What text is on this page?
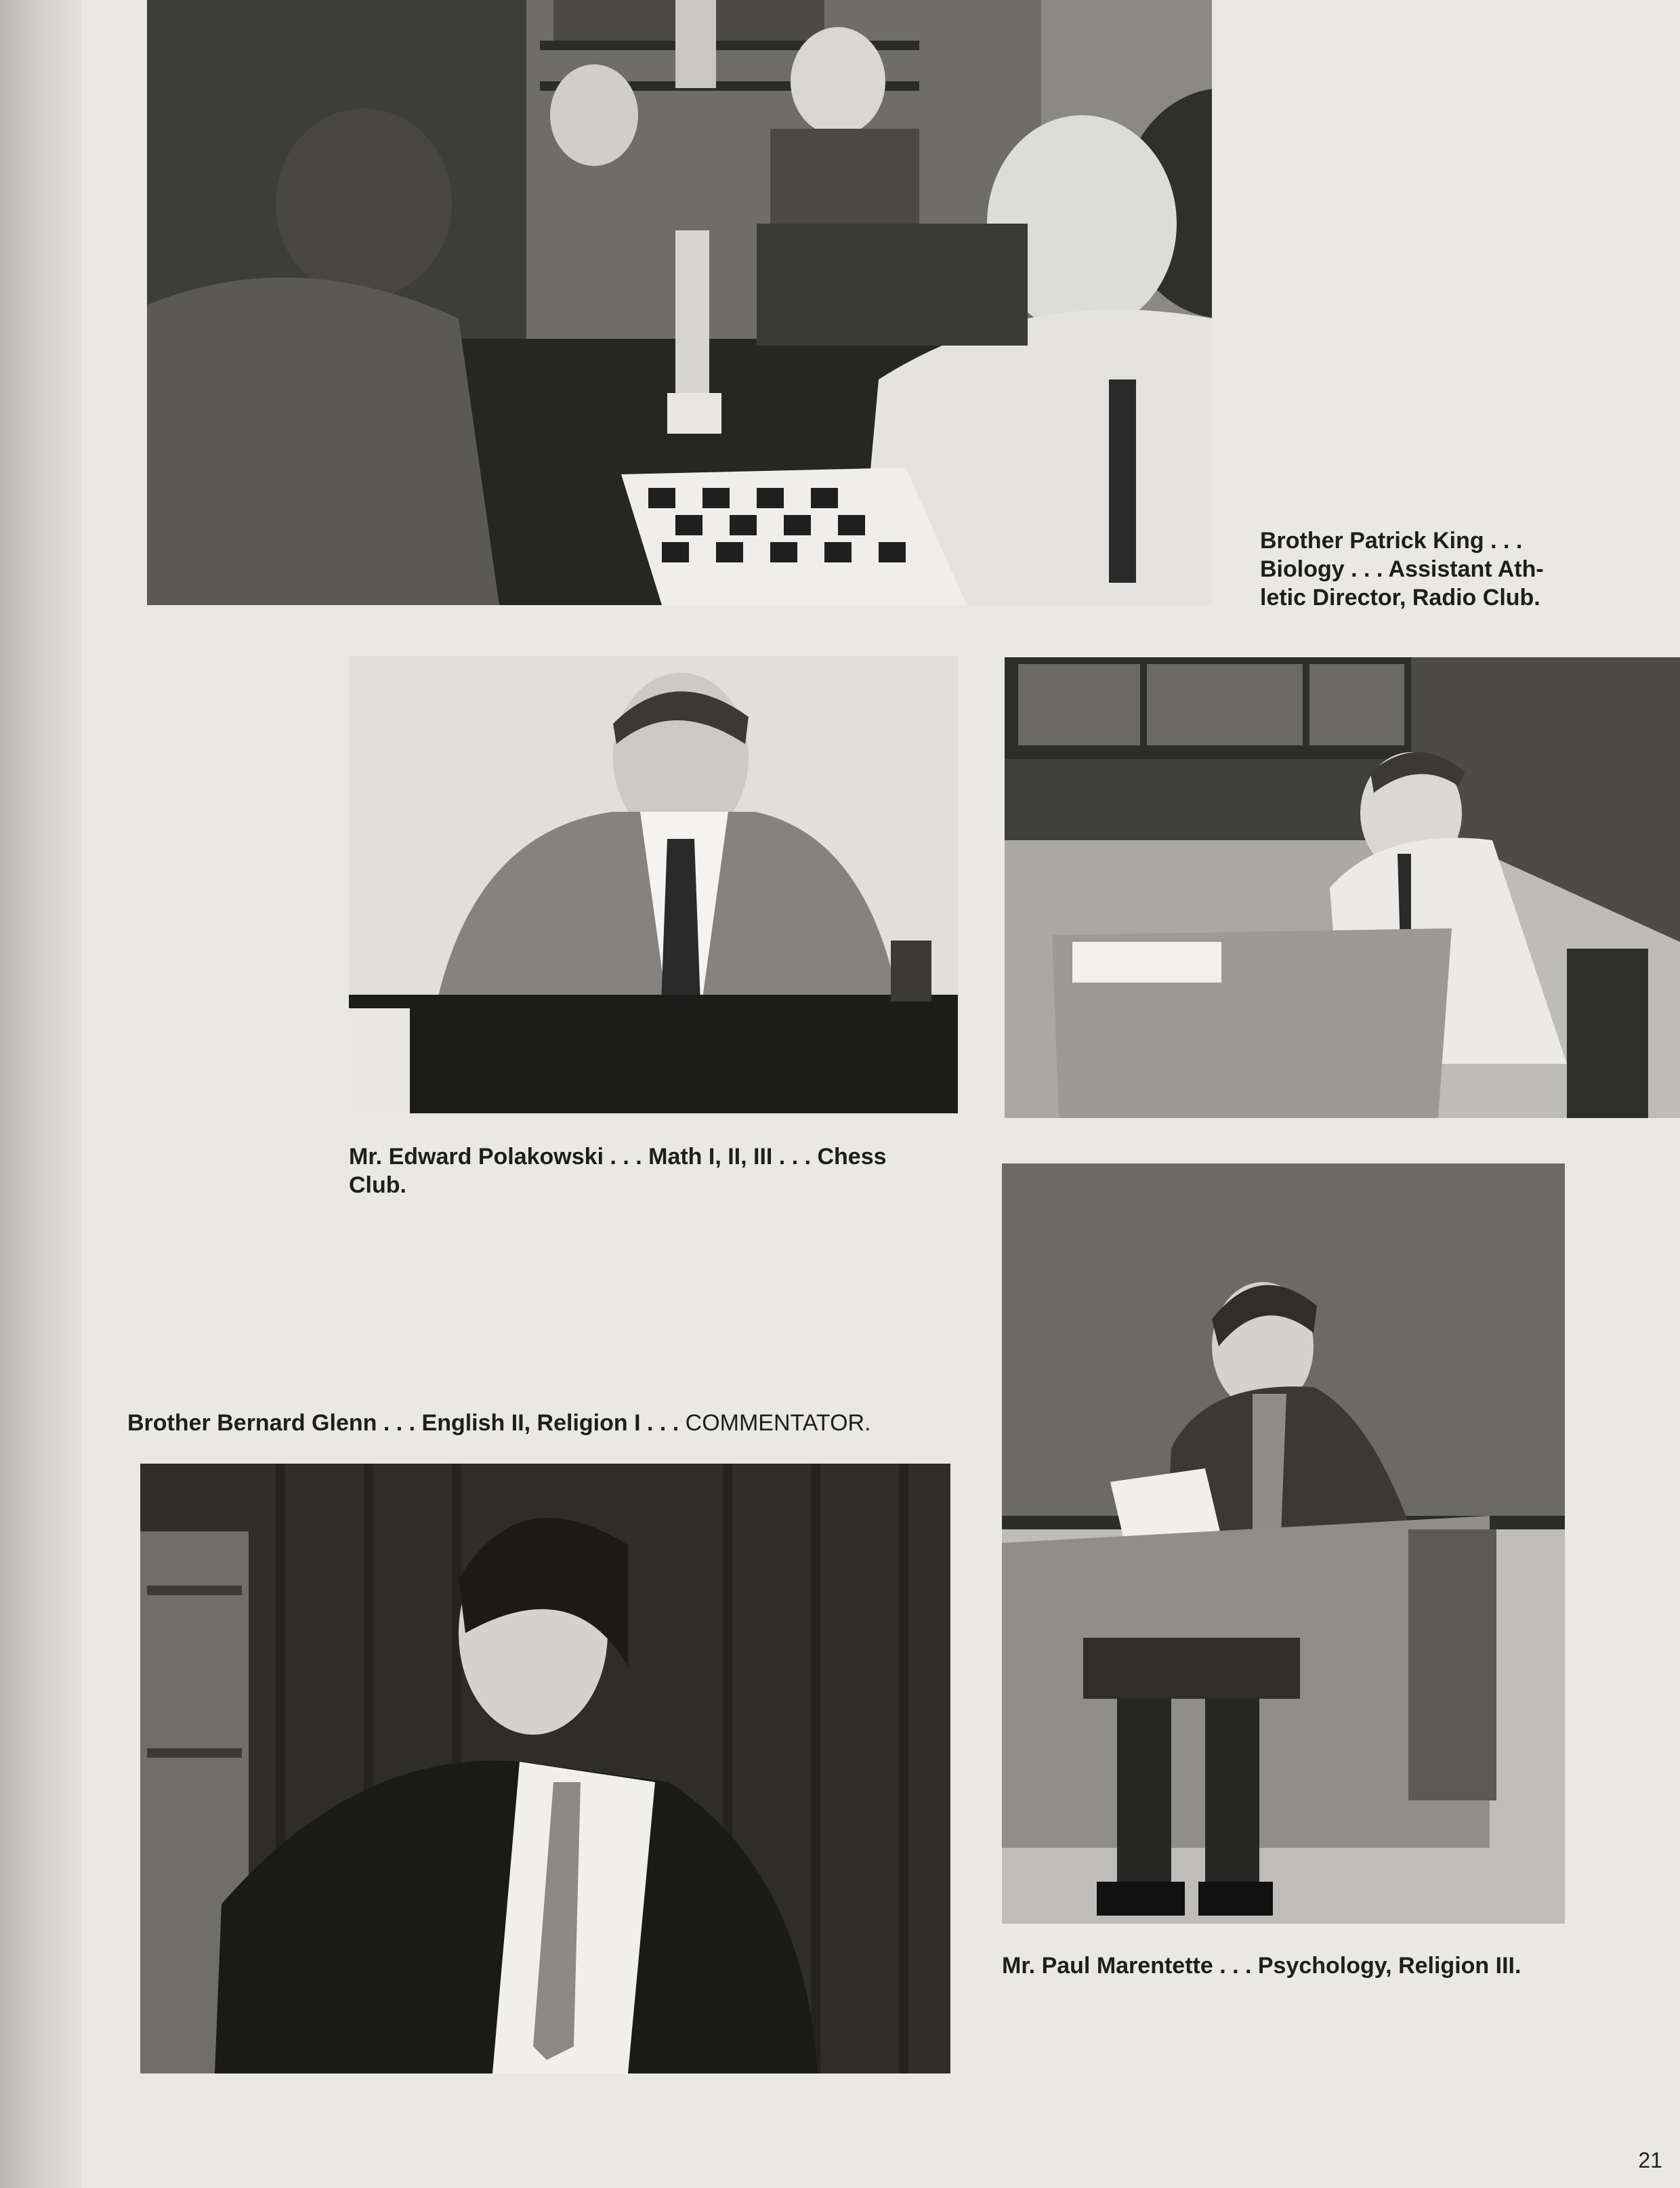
Brother Patrick King . . .
Biology . . . Assistant Ath-
letic Director, Radio Club.
Mr. Edward Polakowski . . . Math I, II, III . . . Chess
Club.
Brother Bernard Glenn . . . English II, Religion I . . . COMMENTATOR.
Mr. Paul Marentette . . . Psychology, Religion III.
21
